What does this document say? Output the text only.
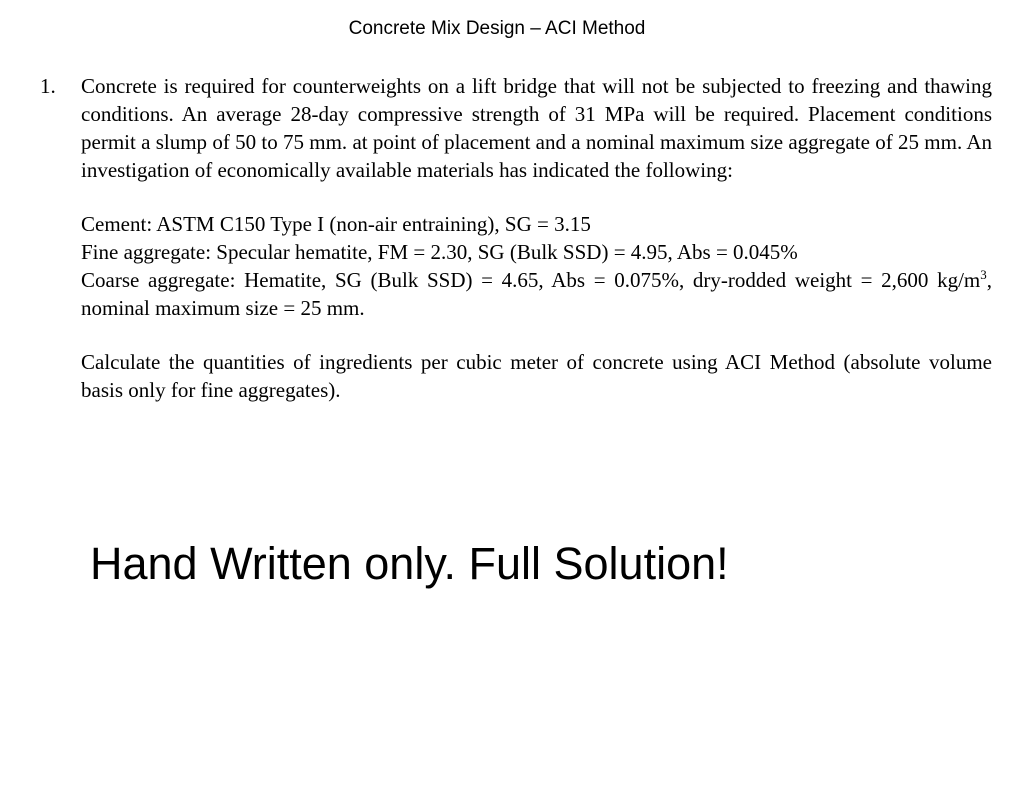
Concrete Mix Design – ACI Method
1. Concrete is required for counterweights on a lift bridge that will not be subjected to freezing and thawing conditions. An average 28-day compressive strength of 31 MPa will be required. Placement conditions permit a slump of 50 to 75 mm. at point of placement and a nominal maximum size aggregate of 25 mm. An investigation of economically available materials has indicated the following:

Cement: ASTM C150 Type I (non-air entraining), SG = 3.15

Fine aggregate: Specular hematite, FM = 2.30, SG (Bulk SSD) = 4.95, Abs = 0.045%

Coarse aggregate: Hematite, SG (Bulk SSD) = 4.65, Abs = 0.075%, dry-rodded weight = 2,600 $kg/m^3$, nominal maximum size = 25 mm.

Calculate the quantities of ingredients per cubic meter of concrete using ACI Method (absolute volume basis only for fine aggregates).

Hand Written only. Full Solution!
